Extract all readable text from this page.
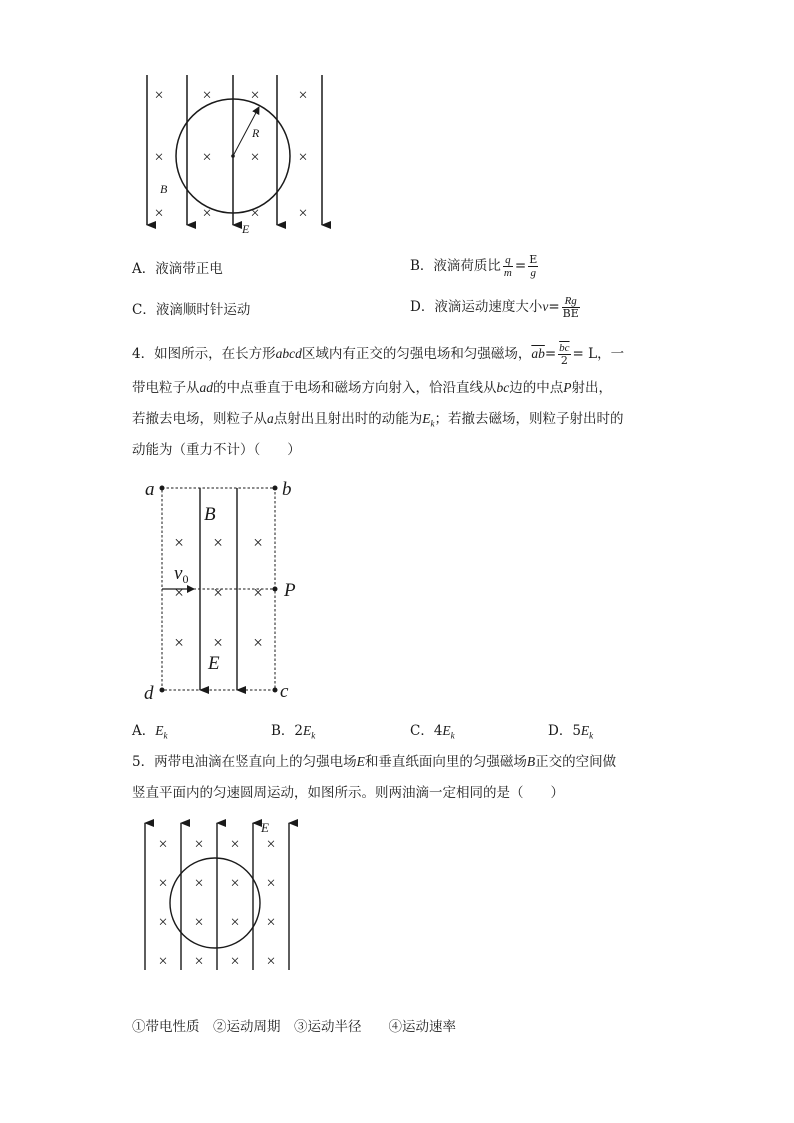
× × × ×
× × × ×
× × × ×
R
B
E
A．液滴带正电	B．液滴荷质比 $\frac{q}{m} = \frac{E}{g}$
C．液滴顺时针运动	D．液滴运动速度大小$v= \frac{Rg}{BE}$
4．如图所示，在长方形abcd区域内有正交的匀强电场和匀强磁场，$\overline{ab}= \frac{\overline{bc}}{2} = L$，一
带电粒子从ad的中点垂直于电场和磁场方向射入，恰沿直线从bc边的中点P射出，
若撤去电场，则粒子从a点射出且射出时的动能为$E_k$；若撤去磁场，则粒子射出时的
动能为（重力不计）（　　）
× × ×
× × ×
× × ×
a	b
d	c
P
B
E
$v_0$
A．$E_k$	B．$2E_k$	C．$4E_k$	D．$5E_k$
5．两带电油滴在竖直向上的匀强电场E和垂直纸面向里的匀强磁场B正交的空间做
竖直平面内的匀速圆周运动，如图所示。则两油滴一定相同的是（　　）
× × × ×
× × × ×
× × × ×
× × × ×
E
①带电性质　②运动周期　③运动半径　　④运动速率
